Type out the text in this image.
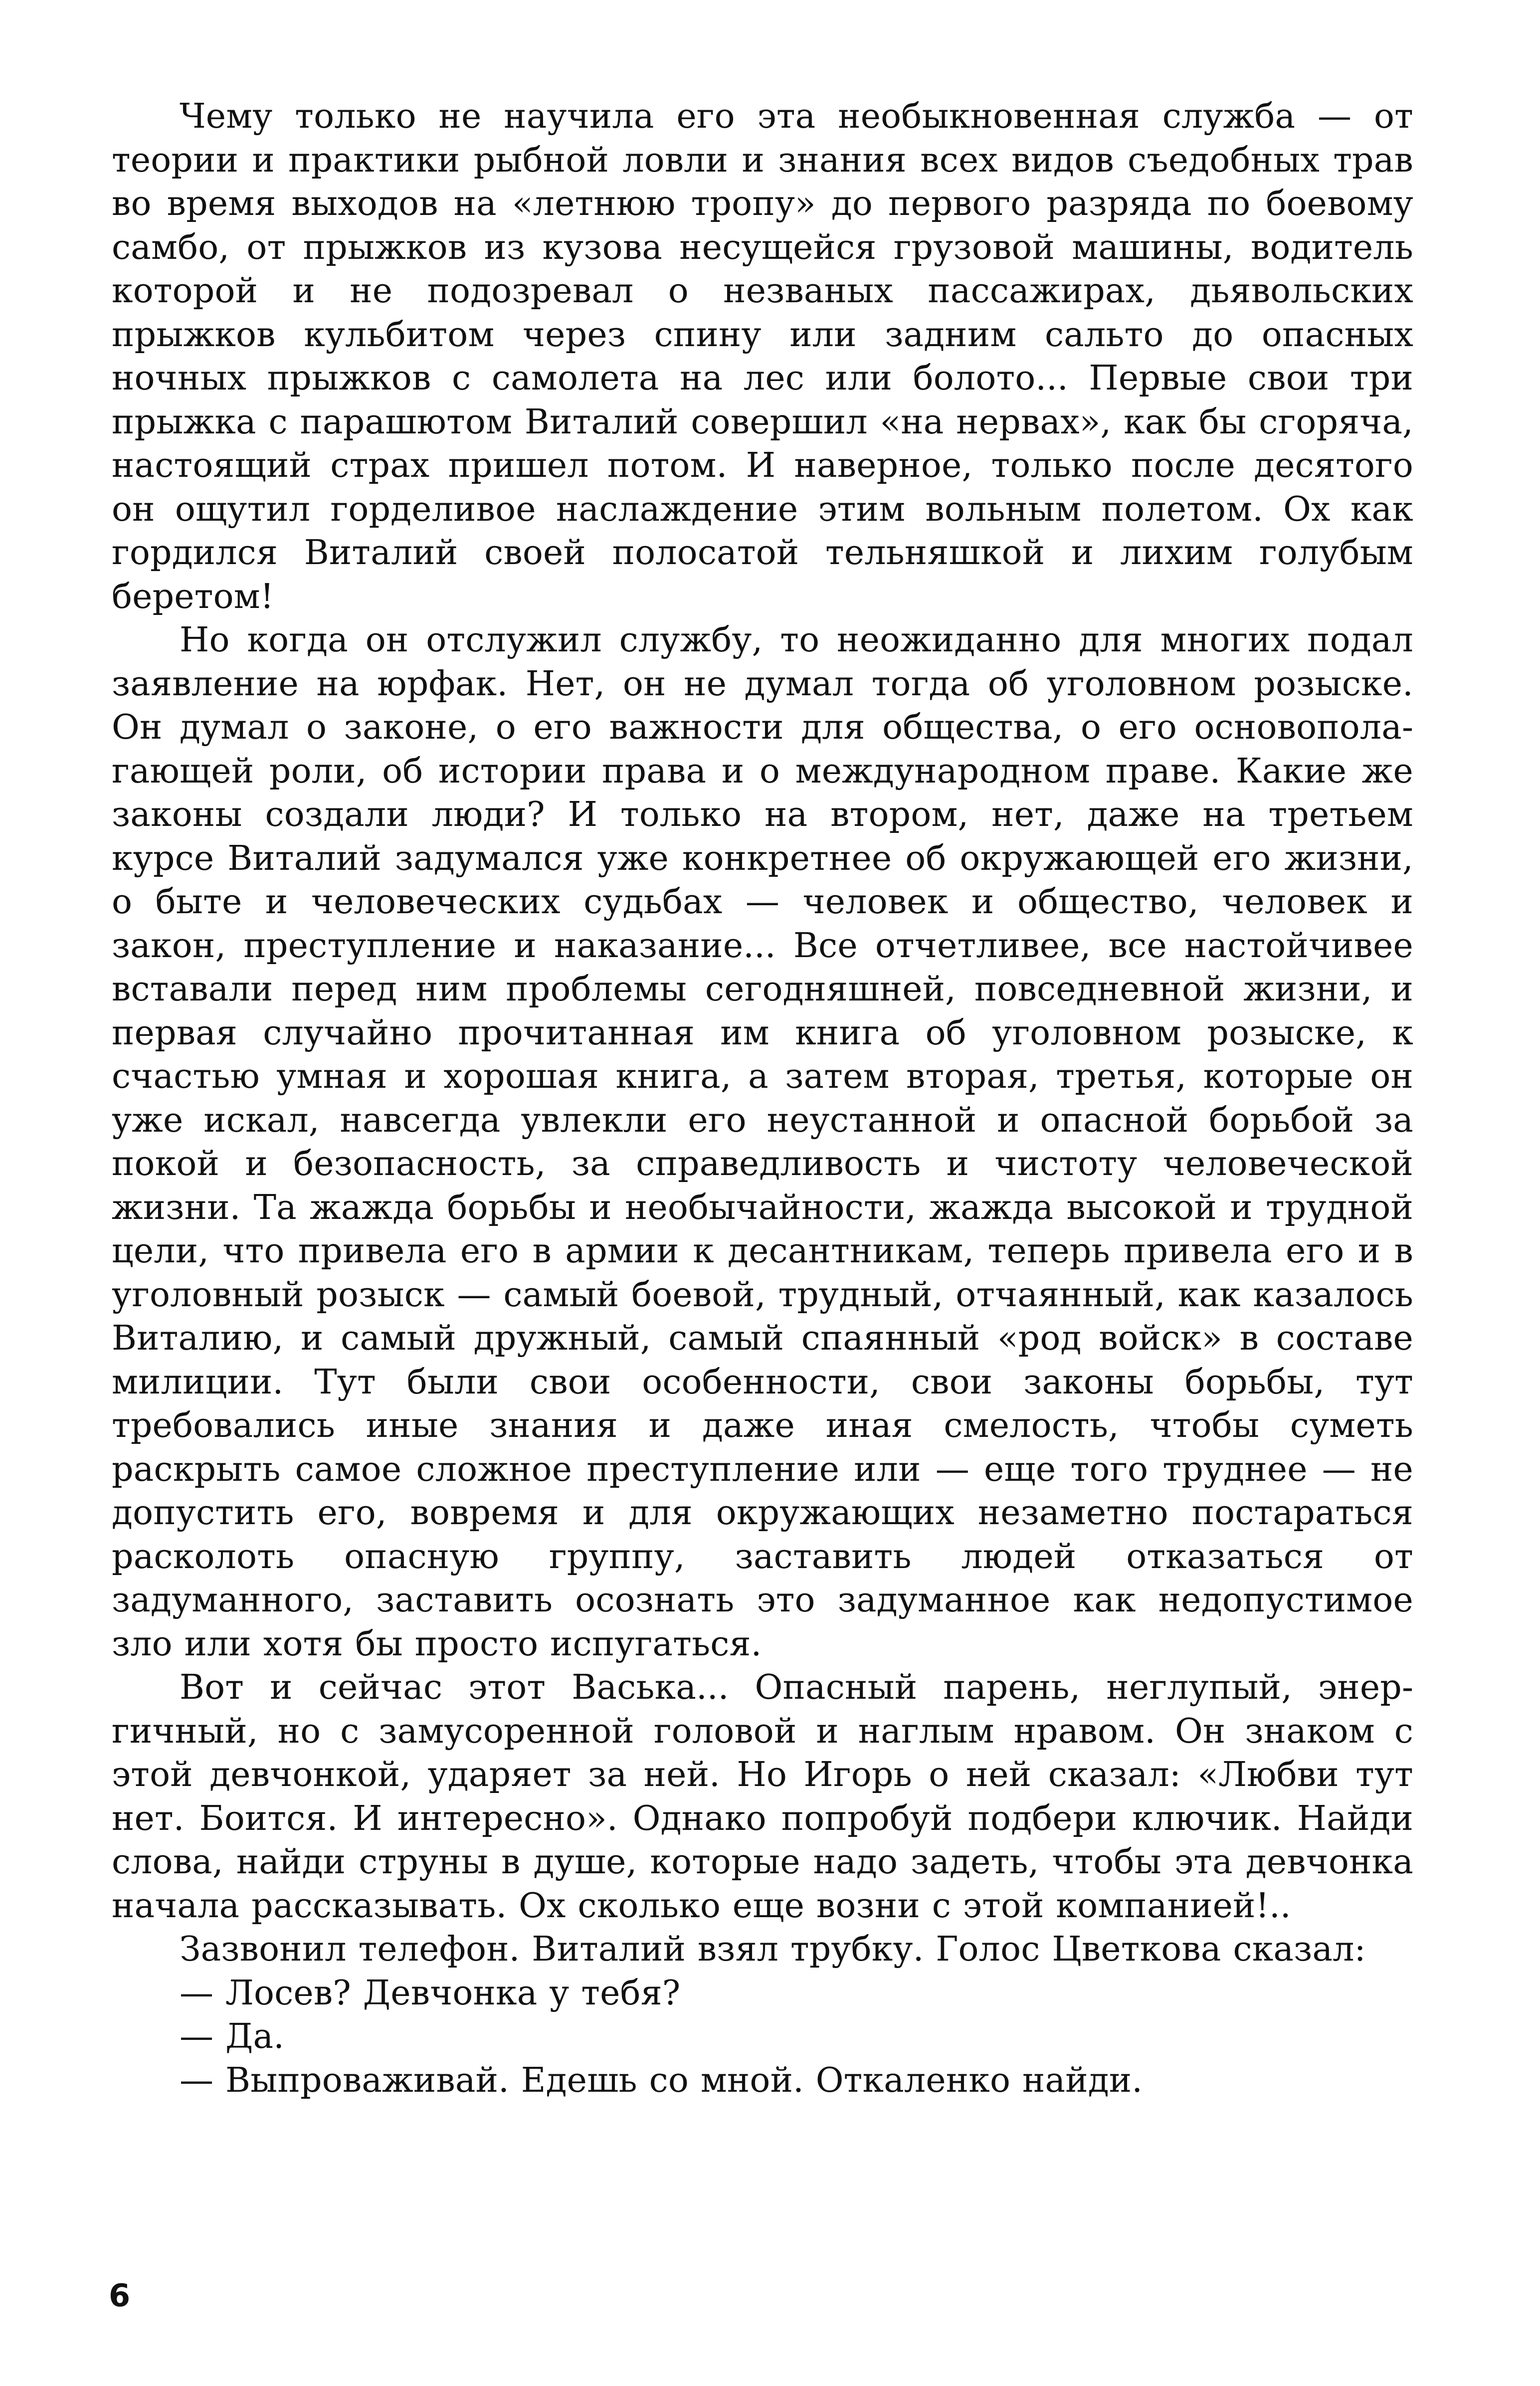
Чему только не научила его эта необыкновенная служба — от теории и практики рыбной ловли и знания всех видов съедобных трав во время выходов на «летнюю тропу» до первого разряда по боевому самбо, от прыжков из кузова несущейся грузовой машины, водитель которой и не подозревал о незваных пассажирах, дьявольских прыжков кульбитом через спину или задним сальто до опасных ночных прыжков с самолета на лес или болото... Первые свои три прыжка с парашютом Виталий совершил «на нервах», как бы сгоряча, настоящий страх пришел потом. И наверное, только после десятого он ощутил горделивое наслаждение этим вольным полетом. Ох как гордился Виталий своей полосатой тельняшкой и лихим голубым беретом!

Но когда он отслужил службу, то неожиданно для многих подал заявление на юрфак. Нет, он не думал тогда об уголовном розыске. Он думал о законе, о его важности для общества, о его основополагающей роли, об истории права и о международном праве. Какие же законы создали люди? И только на втором, нет, даже на третьем курсе Виталий задумался уже конкретнее об окружающей его жизни, о быте и человеческих судьбах — человек и общество, человек и закон, преступление и наказание... Все отчетливее, все настойчивее вставали перед ним проблемы сегодняшней, повседневной жизни, и первая случайно прочитанная им книга об уголовном розыске, к счастью умная и хорошая книга, а затем вторая, третья, которые он уже искал, навсегда увлекли его неустанной и опасной борьбой за покой и безопасность, за справедливость и чистоту человеческой жизни. Та жажда борьбы и необычайности, жажда высокой и трудной цели, что привела его в армии к десантникам, теперь привела его и в уголовный розыск — самый боевой, трудный, отчаянный, как казалось Виталию, и самый дружный, самый спаянный «род войск» в составе милиции. Тут были свои особенности, свои законы борьбы, тут требовались иные знания и даже иная смелость, чтобы суметь раскрыть самое сложное преступление или — еще того труднее — не допустить его, вовремя и для окружающих незаметно постараться расколоть опасную группу, заставить людей отказаться от задуманного, заставить осознать это задуманное как недопустимое зло или хотя бы просто испугаться.

Вот и сейчас этот Васька... Опасный парень, неглупый, энергичный, но с замусоренной головой и наглым нравом. Он знаком с этой девчонкой, ударяет за ней. Но Игорь о ней сказал: «Любви тут нет. Боится. И интересно». Однако попробуй подбери ключик. Найди слова, найди струны в душе, которые надо задеть, чтобы эта девчонка начала рассказывать. Ох сколько еще возни с этой компанией!..

Зазвонил телефон. Виталий взял трубку. Голос Цветкова сказал:

— Лосев? Девчонка у тебя?

— Да.

— Выпроваживай. Едешь со мной. Откаленко найди.

6
